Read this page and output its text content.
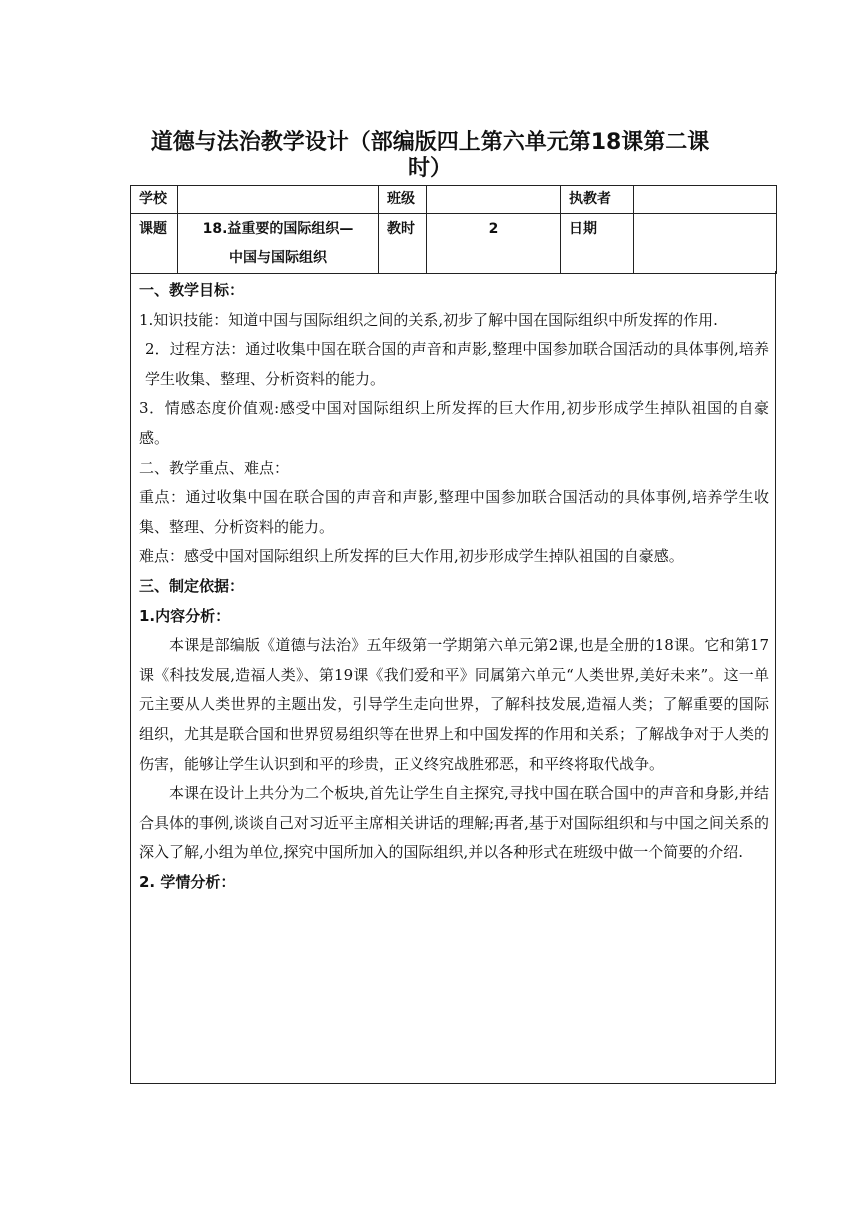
道德与法治教学设计（部编版四上第六单元第18课第二课
时）
学校		班级		执教者	
课题	18.益重要的国际组织—
中国与国际组织	教时	2	日期	

一、教学目标：

1.知识技能：知道中国与国际组织之间的关系,初步了解中国在国际组织中所发挥的作用.

2．过程方法：通过收集中国在联合国的声音和声影,整理中国参加联合国活动的具体事例,培养学生收集、整理、分析资料的能力。

3．情感态度价值观:感受中国对国际组织上所发挥的巨大作用,初步形成学生掉队祖国的自豪感。

二、教学重点、难点：

重点：通过收集中国在联合国的声音和声影,整理中国参加联合国活动的具体事例,培养学生收集、整理、分析资料的能力。

难点：感受中国对国际组织上所发挥的巨大作用,初步形成学生掉队祖国的自豪感。

三、制定依据：

1.内容分析：

本课是部编版《道德与法治》五年级第一学期第六单元第2课,也是全册的18课。它和第17课《科技发展,造福人类》、第19课《我们爱和平》同属第六单元“人类世界,美好未来”。这一单元主要从人类世界的主题出发，引导学生走向世界，了解科技发展,造福人类；了解重要的国际组织，尤其是联合国和世界贸易组织等在世界上和中国发挥的作用和关系；了解战争对于人类的伤害，能够让学生认识到和平的珍贵，正义终究战胜邪恶，和平终将取代战争。

本课在设计上共分为二个板块,首先让学生自主探究,寻找中国在联合国中的声音和身影,并结合具体的事例,谈谈自己对习近平主席相关讲话的理解;再者,基于对国际组织和与中国之间关系的深入了解,小组为单位,探究中国所加入的国际组织,并以各种形式在班级中做一个简要的介绍.

2. 学情分析：
